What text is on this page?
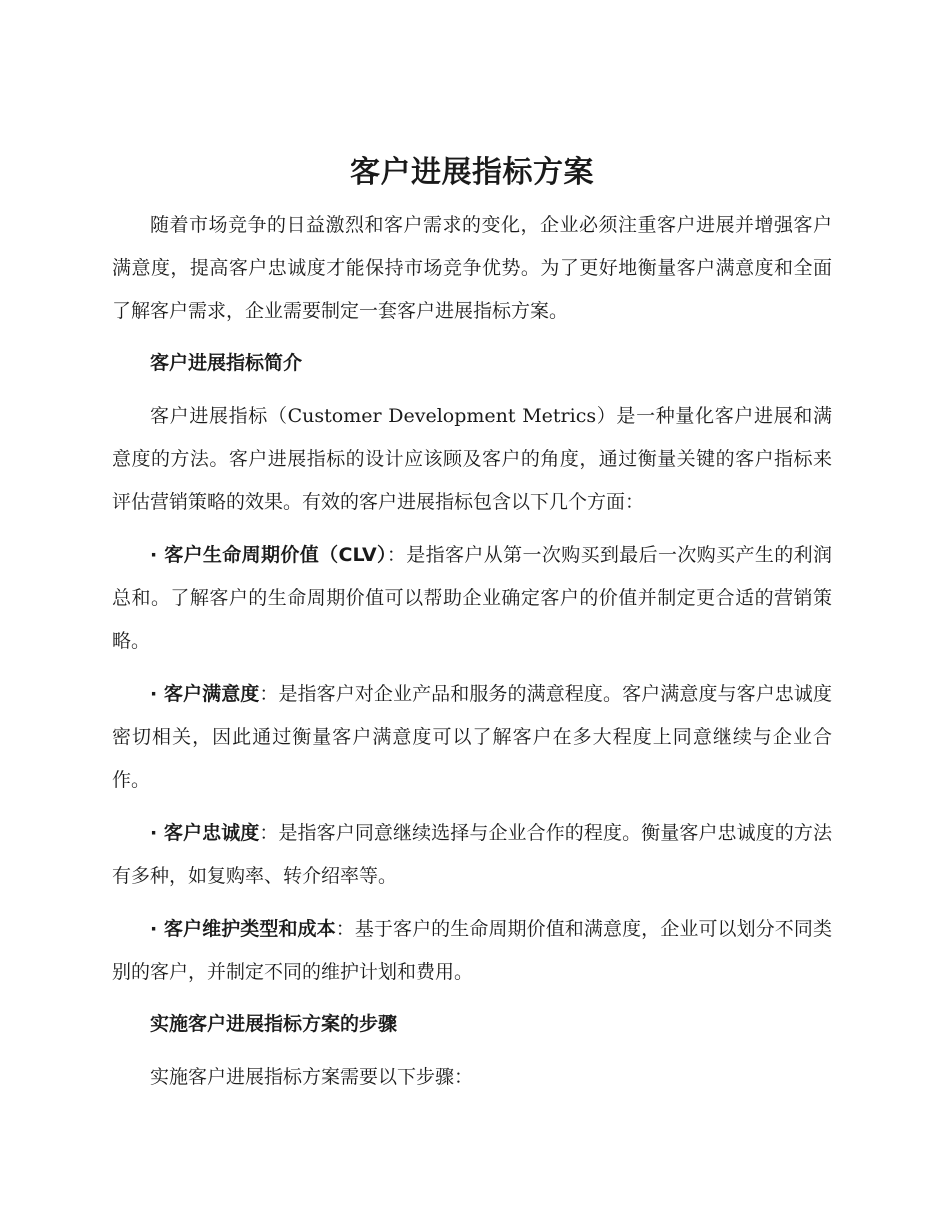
客户进展指标方案

随着市场竞争的日益激烈和客户需求的变化，企业必须注重客户进展并增强客户满意度，提高客户忠诚度才能保持市场竞争优势。为了更好地衡量客户满意度和全面了解客户需求，企业需要制定一套客户进展指标方案。

客户进展指标简介

客户进展指标（Customer Development Metrics）是一种量化客户进展和满意度的方法。客户进展指标的设计应该顾及客户的角度，通过衡量关键的客户指标来评估营销策略的效果。有效的客户进展指标包含以下几个方面：

· 客户生命周期价值（CLV）：是指客户从第一次购买到最后一次购买产生的利润总和。了解客户的生命周期价值可以帮助企业确定客户的价值并制定更合适的营销策略。

· 客户满意度：是指客户对企业产品和服务的满意程度。客户满意度与客户忠诚度密切相关，因此通过衡量客户满意度可以了解客户在多大程度上同意继续与企业合作。

· 客户忠诚度：是指客户同意继续选择与企业合作的程度。衡量客户忠诚度的方法有多种，如复购率、转介绍率等。

· 客户维护类型和成本：基于客户的生命周期价值和满意度，企业可以划分不同类别的客户，并制定不同的维护计划和费用。

实施客户进展指标方案的步骤

实施客户进展指标方案需要以下步骤：
